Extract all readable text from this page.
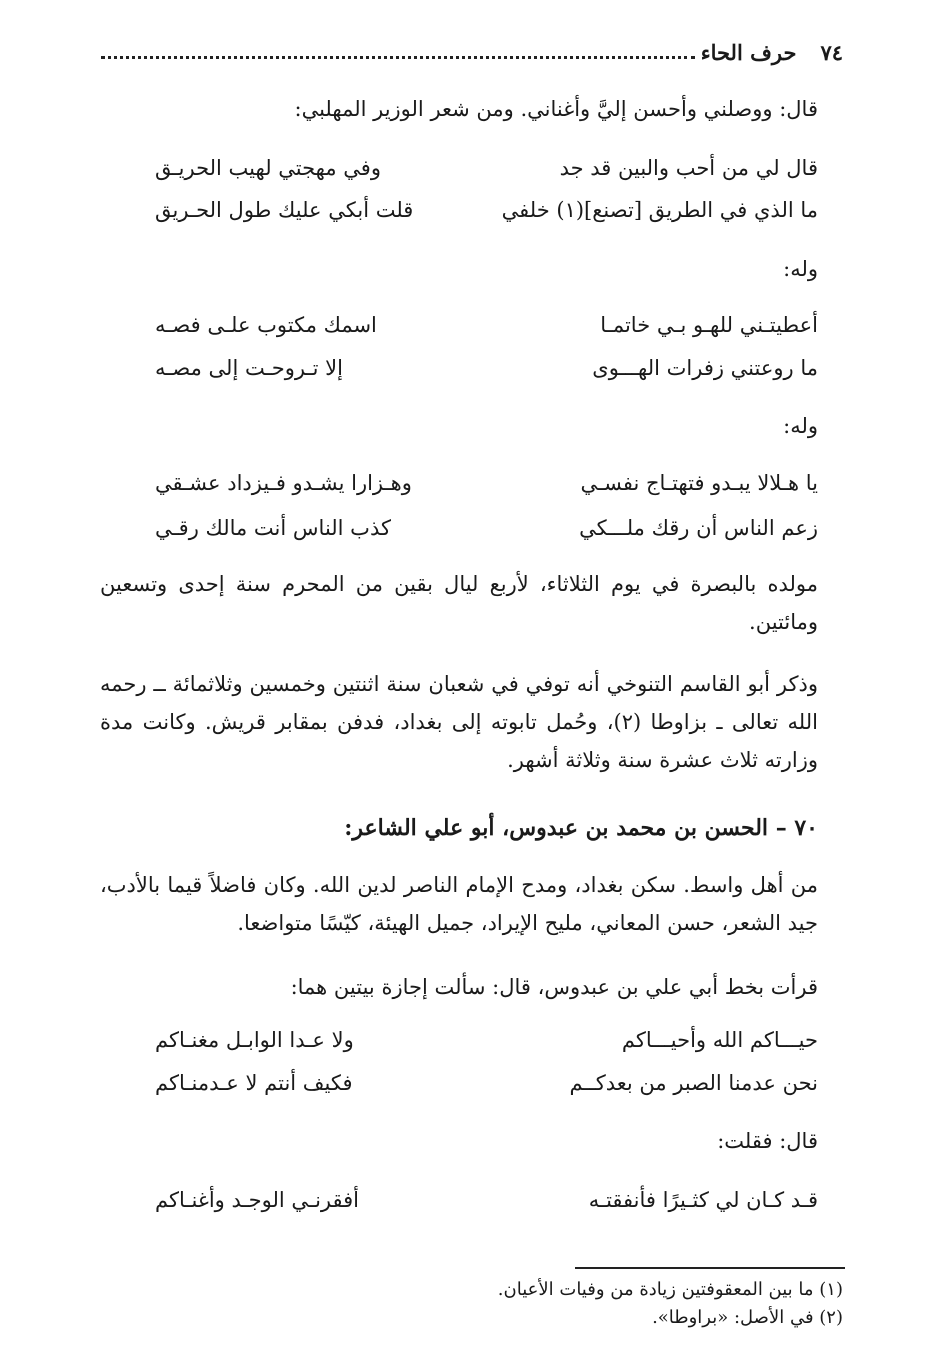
٧٤
حرف الحاء
قال: ووصلني وأحسن إليَّ وأغناني. ومن شعر الوزير المهلبي:
قال لي من أحب والبين قد جد
وفي مهجتي لهيب الحريـق
ما الذي في الطريق [تصنع](١) خلفي
قلت أبكي عليك طول الحـريق
وله:
أعطيتـني للهـو بـي خاتمـا
اسمك مكتوب علـى فصـه
ما روعتني زفرات الهـــوى
إلا تـروحـت إلى مصـه
وله:
يا هـلالا يبـدو فتهتـاج نفسـي
وهـزارا يشـدو فـيزداد عشـقي
زعم الناس أن رقك ملـــكي
كذب الناس أنت مالك رقـي
مولده بالبصرة في يوم الثلاثاء، لأربع ليال بقين من المحرم سنة إحدى وتسعين ومائتين.
وذكر أبو القاسم التنوخي أنه توفي في شعبان سنة اثنتين وخمسين وثلاثمائة ــ رحمه الله تعالى ـ بزاوطا (٢)، وحُمل تابوته إلى بغداد، فدفن بمقابر قريش. وكانت مدة وزارته ثلاث عشرة سنة وثلاثة أشهر.
٧٠ – الحسن بن محمد بن عبدوس، أبو علي الشاعر:
من أهل واسط. سكن بغداد، ومدح الإمام الناصر لدين الله. وكان فاضلاً قيما بالأدب، جيد الشعر، حسن المعاني، مليح الإيراد، جميل الهيئة، كيّسًا متواضعا.
قرأت بخط أبي علي بن عبدوس، قال: سألت إجازة بيتين هما:
حيـــاكم الله وأحيـــاكم
ولا عـدا الوابـل مغنـاكم
نحن عدمنا الصبر من بعدكــم
فكيف أنتم لا عـدمنـاكم
قال: فقلت:
قـد كـان لي كثـيرًا فأنفقتـه
أفقرنـي الوجـد وأغنـاكم
(١) ما بين المعقوفتين زيادة من وفيات الأعيان.
(٢) في الأصل: «براوطا».
